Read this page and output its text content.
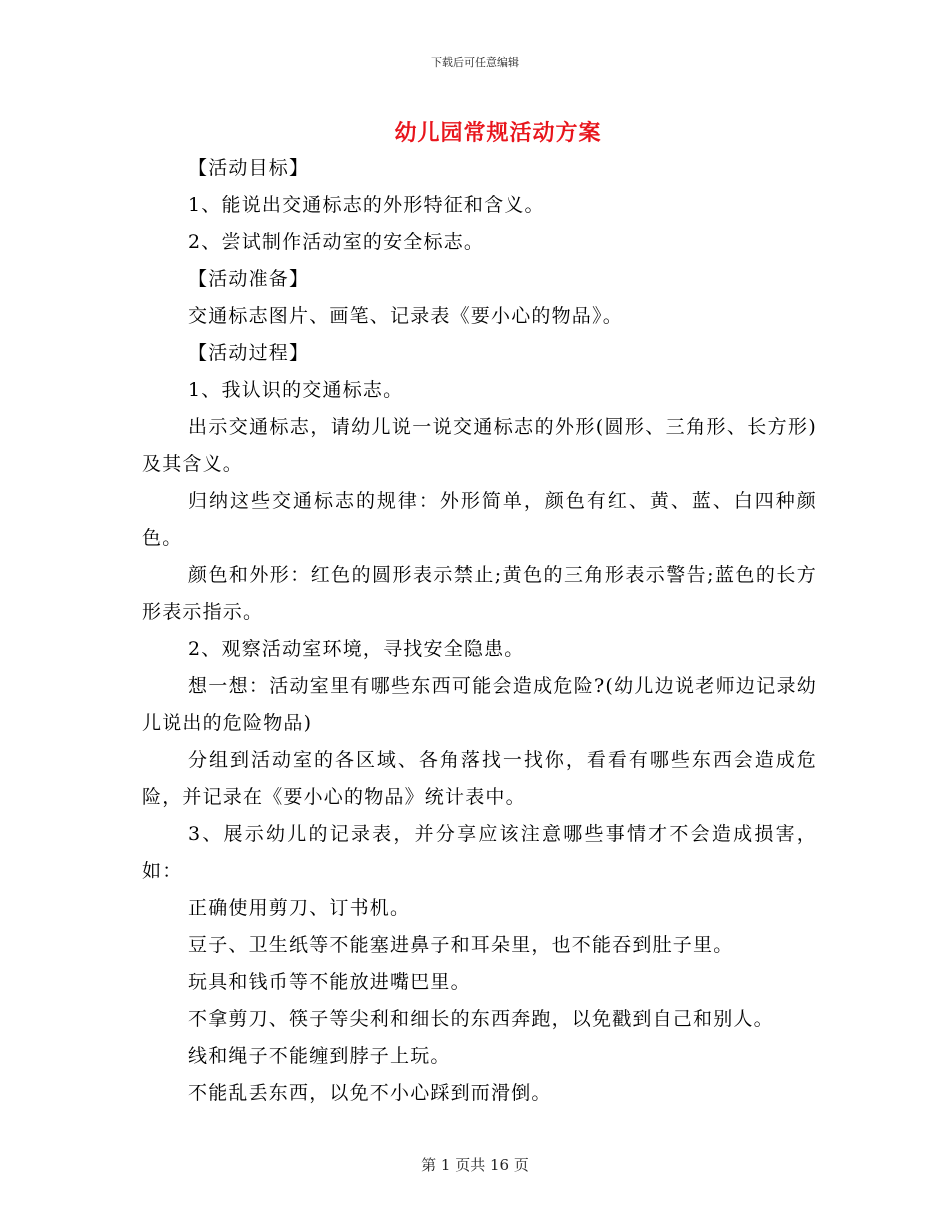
下载后可任意编辑
幼儿园常规活动方案

【活动目标】

1、能说出交通标志的外形特征和含义。

2、尝试制作活动室的安全标志。

【活动准备】

交通标志图片、画笔、记录表《要小心的物品》。

【活动过程】

1、我认识的交通标志。

出示交通标志，请幼儿说一说交通标志的外形(圆形、三角形、长方形)及其含义。

归纳这些交通标志的规律：外形简单，颜色有红、黄、蓝、白四种颜色。

颜色和外形：红色的圆形表示禁止;黄色的三角形表示警告;蓝色的长方形表示指示。

2、观察活动室环境，寻找安全隐患。

想一想：活动室里有哪些东西可能会造成危险?(幼儿边说老师边记录幼儿说出的危险物品)

分组到活动室的各区域、各角落找一找你，看看有哪些东西会造成危险，并记录在《要小心的物品》统计表中。

3、展示幼儿的记录表，并分享应该注意哪些事情才不会造成损害，如：

正确使用剪刀、订书机。

豆子、卫生纸等不能塞进鼻子和耳朵里，也不能吞到肚子里。

玩具和钱币等不能放进嘴巴里。

不拿剪刀、筷子等尖利和细长的东西奔跑，以免戳到自己和别人。

线和绳子不能缠到脖子上玩。

不能乱丢东西，以免不小心踩到而滑倒。

第 1 页共 16 页
